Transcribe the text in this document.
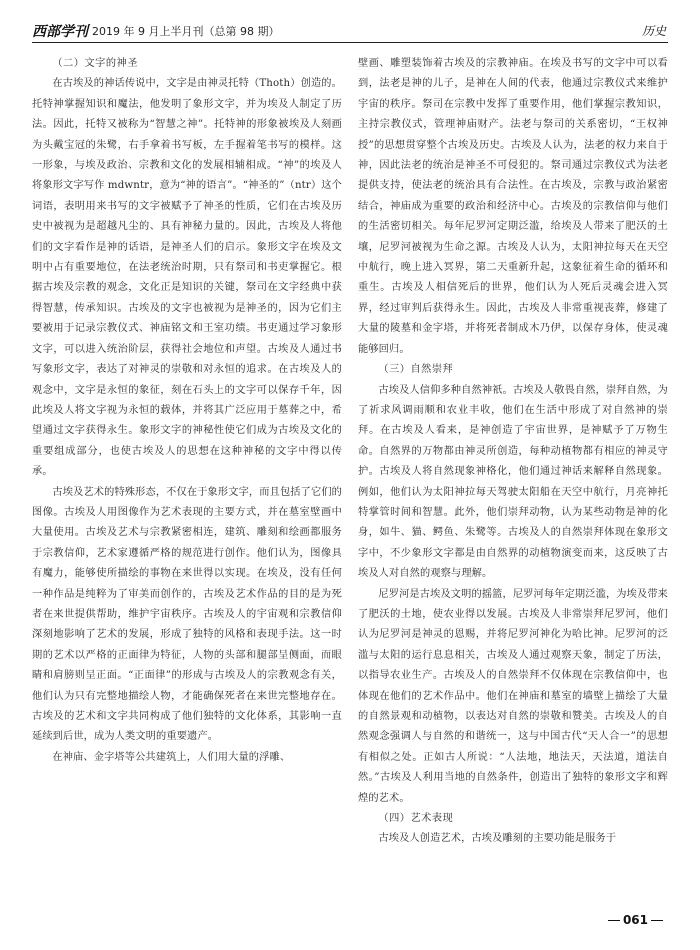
西部学刊 2019 年 9 月上半月刊（总第 98 期）	历史
（二）文字的神圣

在古埃及的神话传说中，文字是由神灵托特（Thoth）创造的。托特神掌握知识和魔法，他发明了象形文字，并为埃及人制定了历法。因此，托特又被称为“智慧之神”。托特神的形象被埃及人刻画为头戴宝冠的朱鹭，右手拿着书写板，左手握着笔书写的模样。这一形象，与埃及政治、宗教和文化的发展相辅相成。“神”的埃及人将象形文字写作 mdwntr，意为“神的语言”。“神圣的”（ntr）这个词语，表明用来书写的文字被赋予了神圣的性质，它们在古埃及历史中被视为是超越凡尘的、具有神秘力量的。因此，古埃及人将他们的文字看作是神的话语，是神圣人们的启示。象形文字在埃及文明中占有重要地位，在法老统治时期，只有祭司和书吏掌握它。根据古埃及宗教的观念，文化正是知识的关键，祭司在文字经典中获得智慧，传承知识。古埃及的文字也被视为是神圣的，因为它们主要被用于记录宗教仪式、神庙铭文和王室功绩。书吏通过学习象形文字，可以进入统治阶层，获得社会地位和声望。古埃及人通过书写象形文字，表达了对神灵的崇敬和对永恒的追求。在古埃及人的观念中，文字是永恒的象征，刻在石头上的文字可以保存千年，因此埃及人将文字视为永恒的载体，并将其广泛应用于墓葬之中，希望通过文字获得永生。象形文字的神秘性使它们成为古埃及文化的重要组成部分，也使古埃及人的思想在这种神秘的文字中得以传承。

古埃及艺术的特殊形态，不仅在于象形文字，而且包括了它们的图像。古埃及人用图像作为艺术表现的主要方式，并在墓室壁画中大量使用。古埃及艺术与宗教紧密相连，建筑、雕刻和绘画都服务于宗教信仰，艺术家遵循严格的规范进行创作。他们认为，图像具有魔力，能够使所描绘的事物在来世得以实现。在埃及，没有任何一种作品是纯粹为了审美而创作的，古埃及艺术作品的目的是为死者在来世提供帮助，维护宇宙秩序。古埃及人的宇宙观和宗教信仰深刻地影响了艺术的发展，形成了独特的风格和表现手法。这一时期的艺术以严格的正面律为特征，人物的头部和腿部呈侧面，而眼睛和肩膀则呈正面。“正面律”的形成与古埃及人的宗教观念有关，他们认为只有完整地描绘人物，才能确保死者在来世完整地存在。古埃及的艺术和文字共同构成了他们独特的文化体系，其影响一直延续到后世，成为人类文明的重要遗产。

在神庙、金字塔等公共建筑上，人们用大量的浮雕、

壁画、雕塑装饰着古埃及的宗教神庙。在埃及书写的文字中可以看到，法老是神的儿子，是神在人间的代表，他通过宗教仪式来维护宇宙的秩序。祭司在宗教中发挥了重要作用，他们掌握宗教知识，主持宗教仪式，管理神庙财产。法老与祭司的关系密切，“王权神授”的思想贯穿整个古埃及历史。古埃及人认为，法老的权力来自于神，因此法老的统治是神圣不可侵犯的。祭司通过宗教仪式为法老提供支持，使法老的统治具有合法性。在古埃及，宗教与政治紧密结合，神庙成为重要的政治和经济中心。古埃及的宗教信仰与他们的生活密切相关。每年尼罗河定期泛滥，给埃及人带来了肥沃的土壤，尼罗河被视为生命之源。古埃及人认为，太阳神拉每天在天空中航行，晚上进入冥界，第二天重新升起，这象征着生命的循环和重生。古埃及人相信死后的世界，他们认为人死后灵魂会进入冥界，经过审判后获得永生。因此，古埃及人非常重视丧葬，修建了大量的陵墓和金字塔，并将死者制成木乃伊，以保存身体，使灵魂能够回归。

（三）自然崇拜

古埃及人信仰多种自然神祇。古埃及人敬畏自然，崇拜自然，为了祈求风调雨顺和农业丰收，他们在生活中形成了对自然神的崇拜。在古埃及人看来，是神创造了宇宙世界，是神赋予了万物生命。自然界的万物都由神灵所创造，每种动植物都有相应的神灵守护。古埃及人将自然现象神格化，他们通过神话来解释自然现象。例如，他们认为太阳神拉每天驾驶太阳船在天空中航行，月亮神托特掌管时间和智慧。此外，他们崇拜动物，认为某些动物是神的化身，如牛、猫、鳄鱼、朱鹭等。古埃及人的自然崇拜体现在象形文字中，不少象形文字都是由自然界的动植物演变而来，这反映了古埃及人对自然的观察与理解。

尼罗河是古埃及文明的摇篮，尼罗河每年定期泛滥，为埃及带来了肥沃的土地，使农业得以发展。古埃及人非常崇拜尼罗河，他们认为尼罗河是神灵的恩赐，并将尼罗河神化为哈比神。尼罗河的泛滥与太阳的运行息息相关，古埃及人通过观察天象，制定了历法，以指导农业生产。古埃及人的自然崇拜不仅体现在宗教信仰中，也体现在他们的艺术作品中。他们在神庙和墓室的墙壁上描绘了大量的自然景观和动植物，以表达对自然的崇敬和赞美。古埃及人的自然观念强调人与自然的和谐统一，这与中国古代“天人合一”的思想有相似之处。正如古人所说：“人法地，地法天，天法道，道法自然。”古埃及人利用当地的自然条件，创造出了独特的象形文字和辉煌的艺术。

（四）艺术表现

古埃及人创造艺术，古埃及雕刻的主要功能是服务于

061
